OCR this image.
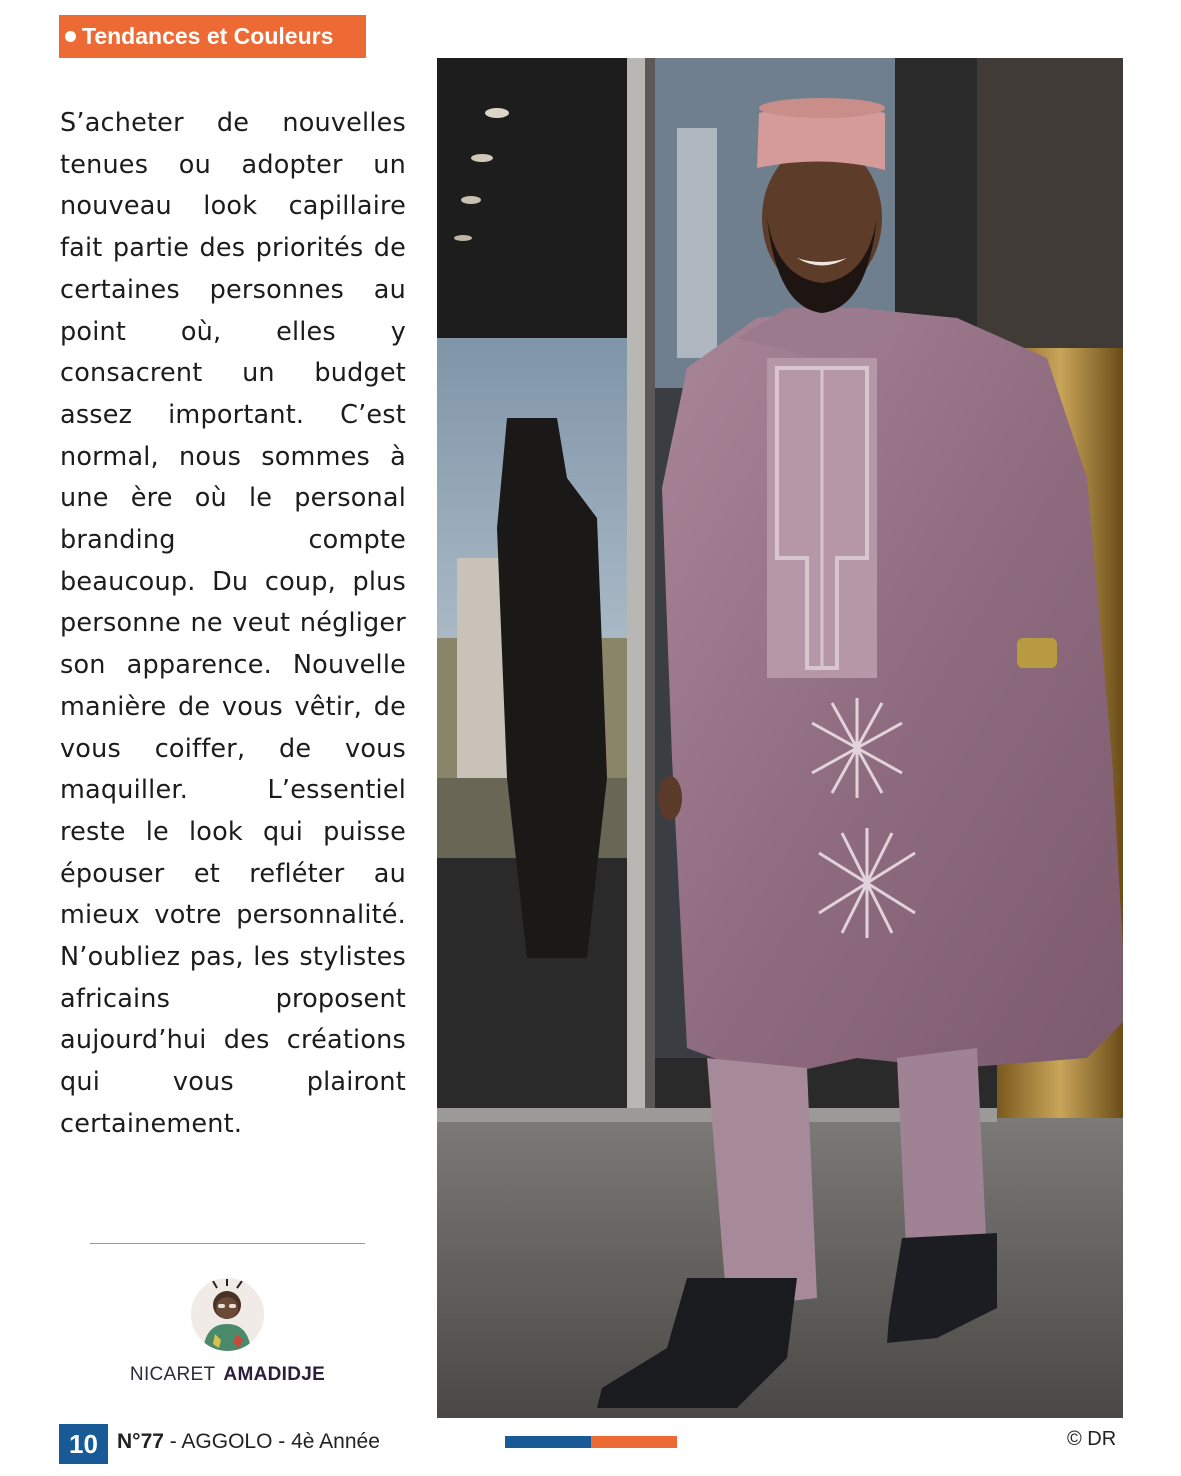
Tendances et Couleurs

S’acheter de nouvelles tenues ou adopter un nouveau look capillaire fait partie des priorités de certaines personnes au point où, elles y consacrent un budget assez important. C’est normal, nous sommes à une ère où le personal branding compte beaucoup. Du coup, plus personne ne veut négliger son apparence. Nouvelle manière de vous vêtir, de vous coiffer, de vous maquiller. L’essentiel reste le look qui puisse épouser et refléter au mieux votre personnalité. N’oubliez pas, les stylistes africains proposent aujourd’hui des créations qui vous plairont certainement.

NICARET AMADIDJE
10 N°77 - AGGOLO - 4è Année	© DR
